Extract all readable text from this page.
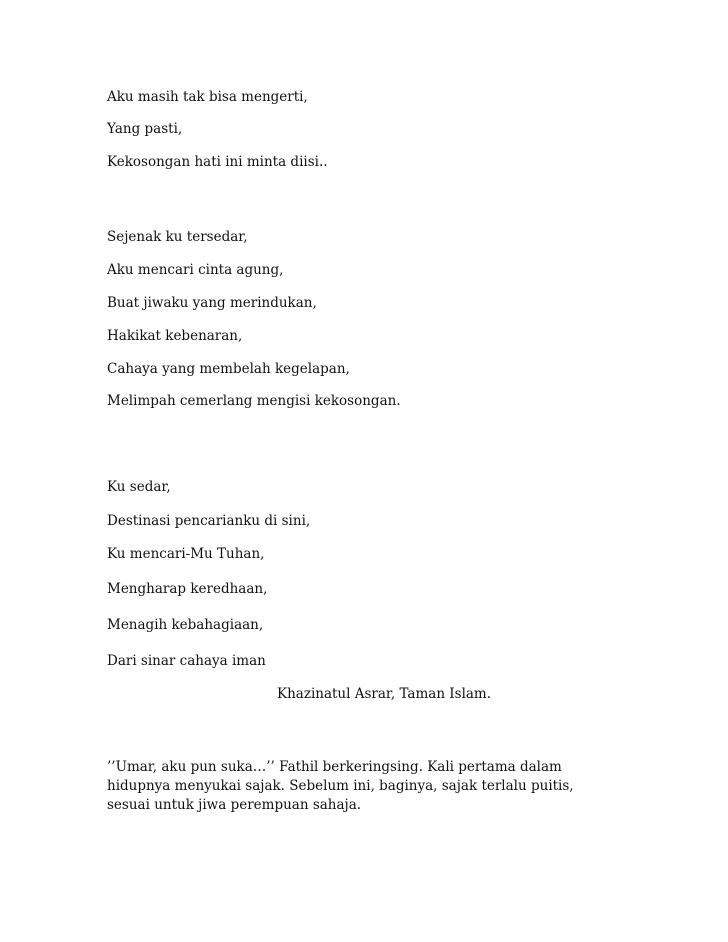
Aku masih tak bisa mengerti,
Yang pasti,
Kekosongan hati ini minta diisi..
Sejenak ku tersedar,
Aku mencari cinta agung,
Buat jiwaku yang merindukan,
Hakikat kebenaran,
Cahaya yang membelah kegelapan,
Melimpah cemerlang mengisi kekosongan.
Ku sedar,
Destinasi pencarianku di sini,
Ku mencari-Mu Tuhan,
Mengharap keredhaan,
Menagih kebahagiaan,
Dari sinar cahaya iman
Khazinatul Asrar, Taman Islam.
’’Umar, aku pun suka…’’ Fathil berkeringsing. Kali pertama dalam hidupnya menyukai sajak. Sebelum ini, baginya, sajak terlalu puitis, sesuai untuk jiwa perempuan sahaja.
